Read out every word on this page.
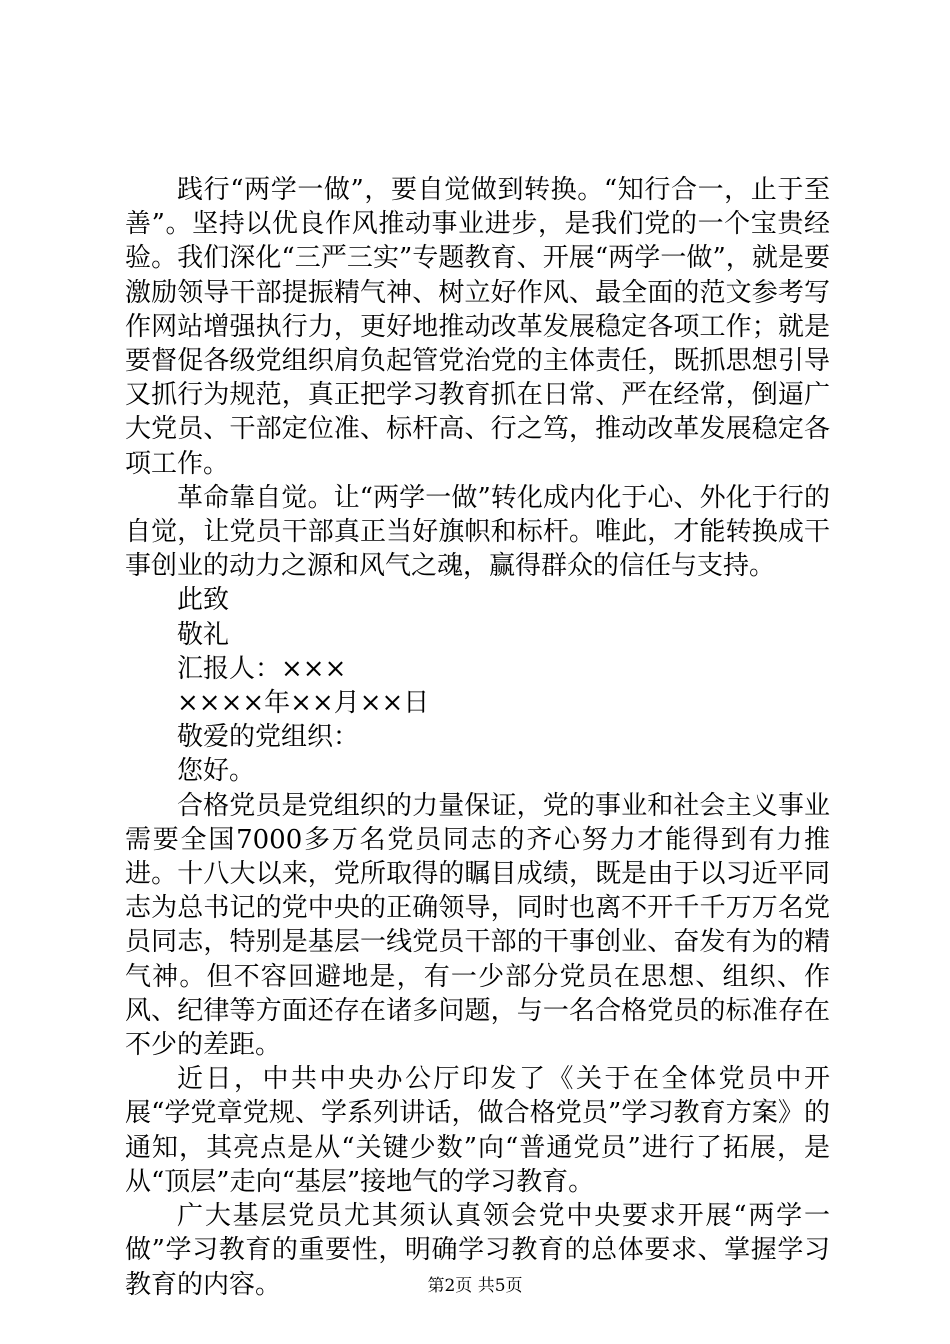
践行“两学一做”，要自觉做到转换。“知行合一，止于至善”。坚持以优良作风推动事业进步，是我们党的一个宝贵经验。我们深化“三严三实”专题教育、开展“两学一做”，就是要激励领导干部提振精气神、树立好作风、最全面的范文参考写作网站增强执行力，更好地推动改革发展稳定各项工作；就是要督促各级党组织肩负起管党治党的主体责任，既抓思想引导又抓行为规范，真正把学习教育抓在日常、严在经常，倒逼广大党员、干部定位准、标杆高、行之笃，推动改革发展稳定各项工作。

革命靠自觉。让“两学一做”转化成内化于心、外化于行的自觉，让党员干部真正当好旗帜和标杆。唯此，才能转换成干事创业的动力之源和风气之魂，赢得群众的信任与支持。

此致

敬礼

汇报人：×××

××××年××月××日

敬爱的党组织：

您好。

合格党员是党组织的力量保证，党的事业和社会主义事业需要全国7000多万名党员同志的齐心努力才能得到有力推进。十八大以来，党所取得的瞩目成绩，既是由于以习近平同志为总书记的党中央的正确领导，同时也离不开千千万万名党员同志，特别是基层一线党员干部的干事创业、奋发有为的精气神。但不容回避地是，有一少部分党员在思想、组织、作风、纪律等方面还存在诸多问题，与一名合格党员的标准存在不少的差距。

近日，中共中央办公厅印发了《关于在全体党员中开展“学党章党规、学系列讲话，做合格党员”学习教育方案》的通知，其亮点是从“关键少数”向“普通党员”进行了拓展，是从“顶层”走向“基层”接地气的学习教育。

广大基层党员尤其须认真领会党中央要求开展“两学一做”学习教育的重要性，明确学习教育的总体要求、掌握学习教育的内容。	第2页 共5页
